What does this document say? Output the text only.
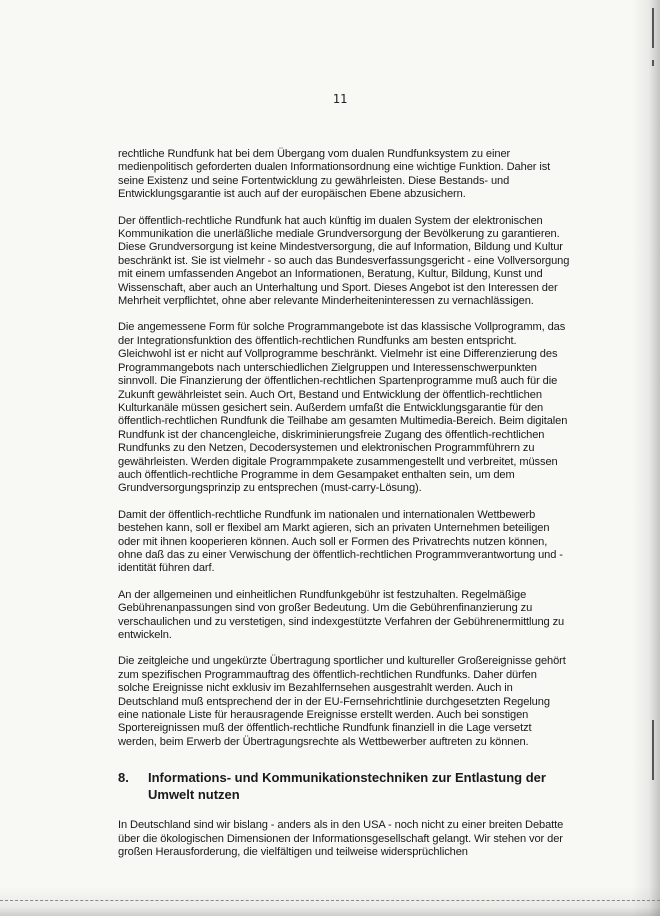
11

rechtliche Rundfunk hat bei dem Übergang vom dualen Rundfunksystem zu einer medienpolitisch geforderten dualen Informationsordnung eine wichtige Funktion. Daher ist seine Existenz und seine Fortentwicklung zu gewährleisten. Diese Bestands- und Entwicklungsgarantie ist auch auf der europäischen Ebene abzusichern.

Der öffentlich-rechtliche Rundfunk hat auch künftig im dualen System der elektronischen Kommunikation die unerläßliche mediale Grundversorgung der Bevölkerung zu garantieren. Diese Grundversorgung ist keine Mindestversorgung, die auf Information, Bildung und Kultur beschränkt ist. Sie ist vielmehr - so auch das Bundesverfassungsgericht - eine Vollversorgung mit einem umfassenden Angebot an Informationen, Beratung, Kultur, Bildung, Kunst und Wissenschaft, aber auch an Unterhaltung und Sport. Dieses Angebot ist den Interessen der Mehrheit verpflichtet, ohne aber relevante Minderheiteninteressen zu vernachlässigen.

Die angemessene Form für solche Programmangebote ist das klassische Vollprogramm, das der Integrationsfunktion des öffentlich-rechtlichen Rundfunks am besten entspricht. Gleichwohl ist er nicht auf Vollprogramme beschränkt. Vielmehr ist eine Differenzierung des Programmangebots nach unterschiedlichen Zielgruppen und Interessenschwerpunkten sinnvoll. Die Finanzierung der öffentlichen-rechtlichen Spartenprogramme muß auch für die Zukunft gewährleistet sein. Auch Ort, Bestand und Entwicklung der öffentlich-rechtlichen Kulturkanäle müssen gesichert sein. Außerdem umfaßt die Entwicklungsgarantie für den öffentlich-rechtlichen Rundfunk die Teilhabe am gesamten Multimedia-Bereich. Beim digitalen Rundfunk ist der chancengleiche, diskriminierungsfreie Zugang des öffentlich-rechtlichen Rundfunks zu den Netzen, Decodersystemen und elektronischen Programmführern zu gewährleisten. Werden digitale Programmpakete zusammengestellt und verbreitet, müssen auch öffentlich-rechtliche Programme in dem Gesampaket enthalten sein, um dem Grundversorgungsprinzip zu entsprechen (must-carry-Lösung).

Damit der öffentlich-rechtliche Rundfunk im nationalen und internationalen Wettbewerb bestehen kann, soll er flexibel am Markt agieren, sich an privaten Unternehmen beteiligen oder mit ihnen kooperieren können. Auch soll er Formen des Privatrechts nutzen können, ohne daß das zu einer Verwischung der öffentlich-rechtlichen Programmverantwortung und -identität führen darf.

An der allgemeinen und einheitlichen Rundfunkgebühr ist festzuhalten. Regelmäßige Gebührenanpassungen sind von großer Bedeutung. Um die Gebührenfinanzierung zu verschaulichen und zu verstetigen, sind indexgestützte Verfahren der Gebührenermittlung zu entwickeln.

Die zeitgleiche und ungekürzte Übertragung sportlicher und kultureller Großereignisse gehört zum spezifischen Programmauftrag des öffentlich-rechtlichen Rundfunks. Daher dürfen solche Ereignisse nicht exklusiv im Bezahlfernsehen ausgestrahlt werden. Auch in Deutschland muß entsprechend der in der EU-Fernsehrichtlinie durchgesetzten Regelung eine nationale Liste für herausragende Ereignisse erstellt werden. Auch bei sonstigen Sportereignissen muß der öffentlich-rechtliche Rundfunk finanziell in die Lage versetzt werden, beim Erwerb der Übertragungsrechte als Wettbewerber auftreten zu können.

8.	Informations- und Kommunikationstechniken zur Entlastung der Umwelt nutzen

In Deutschland sind wir bislang - anders als in den USA - noch nicht zu einer breiten Debatte über die ökologischen Dimensionen der Informationsgesellschaft gelangt. Wir stehen vor der großen Herausforderung, die vielfältigen und teilweise widersprüchlichen
